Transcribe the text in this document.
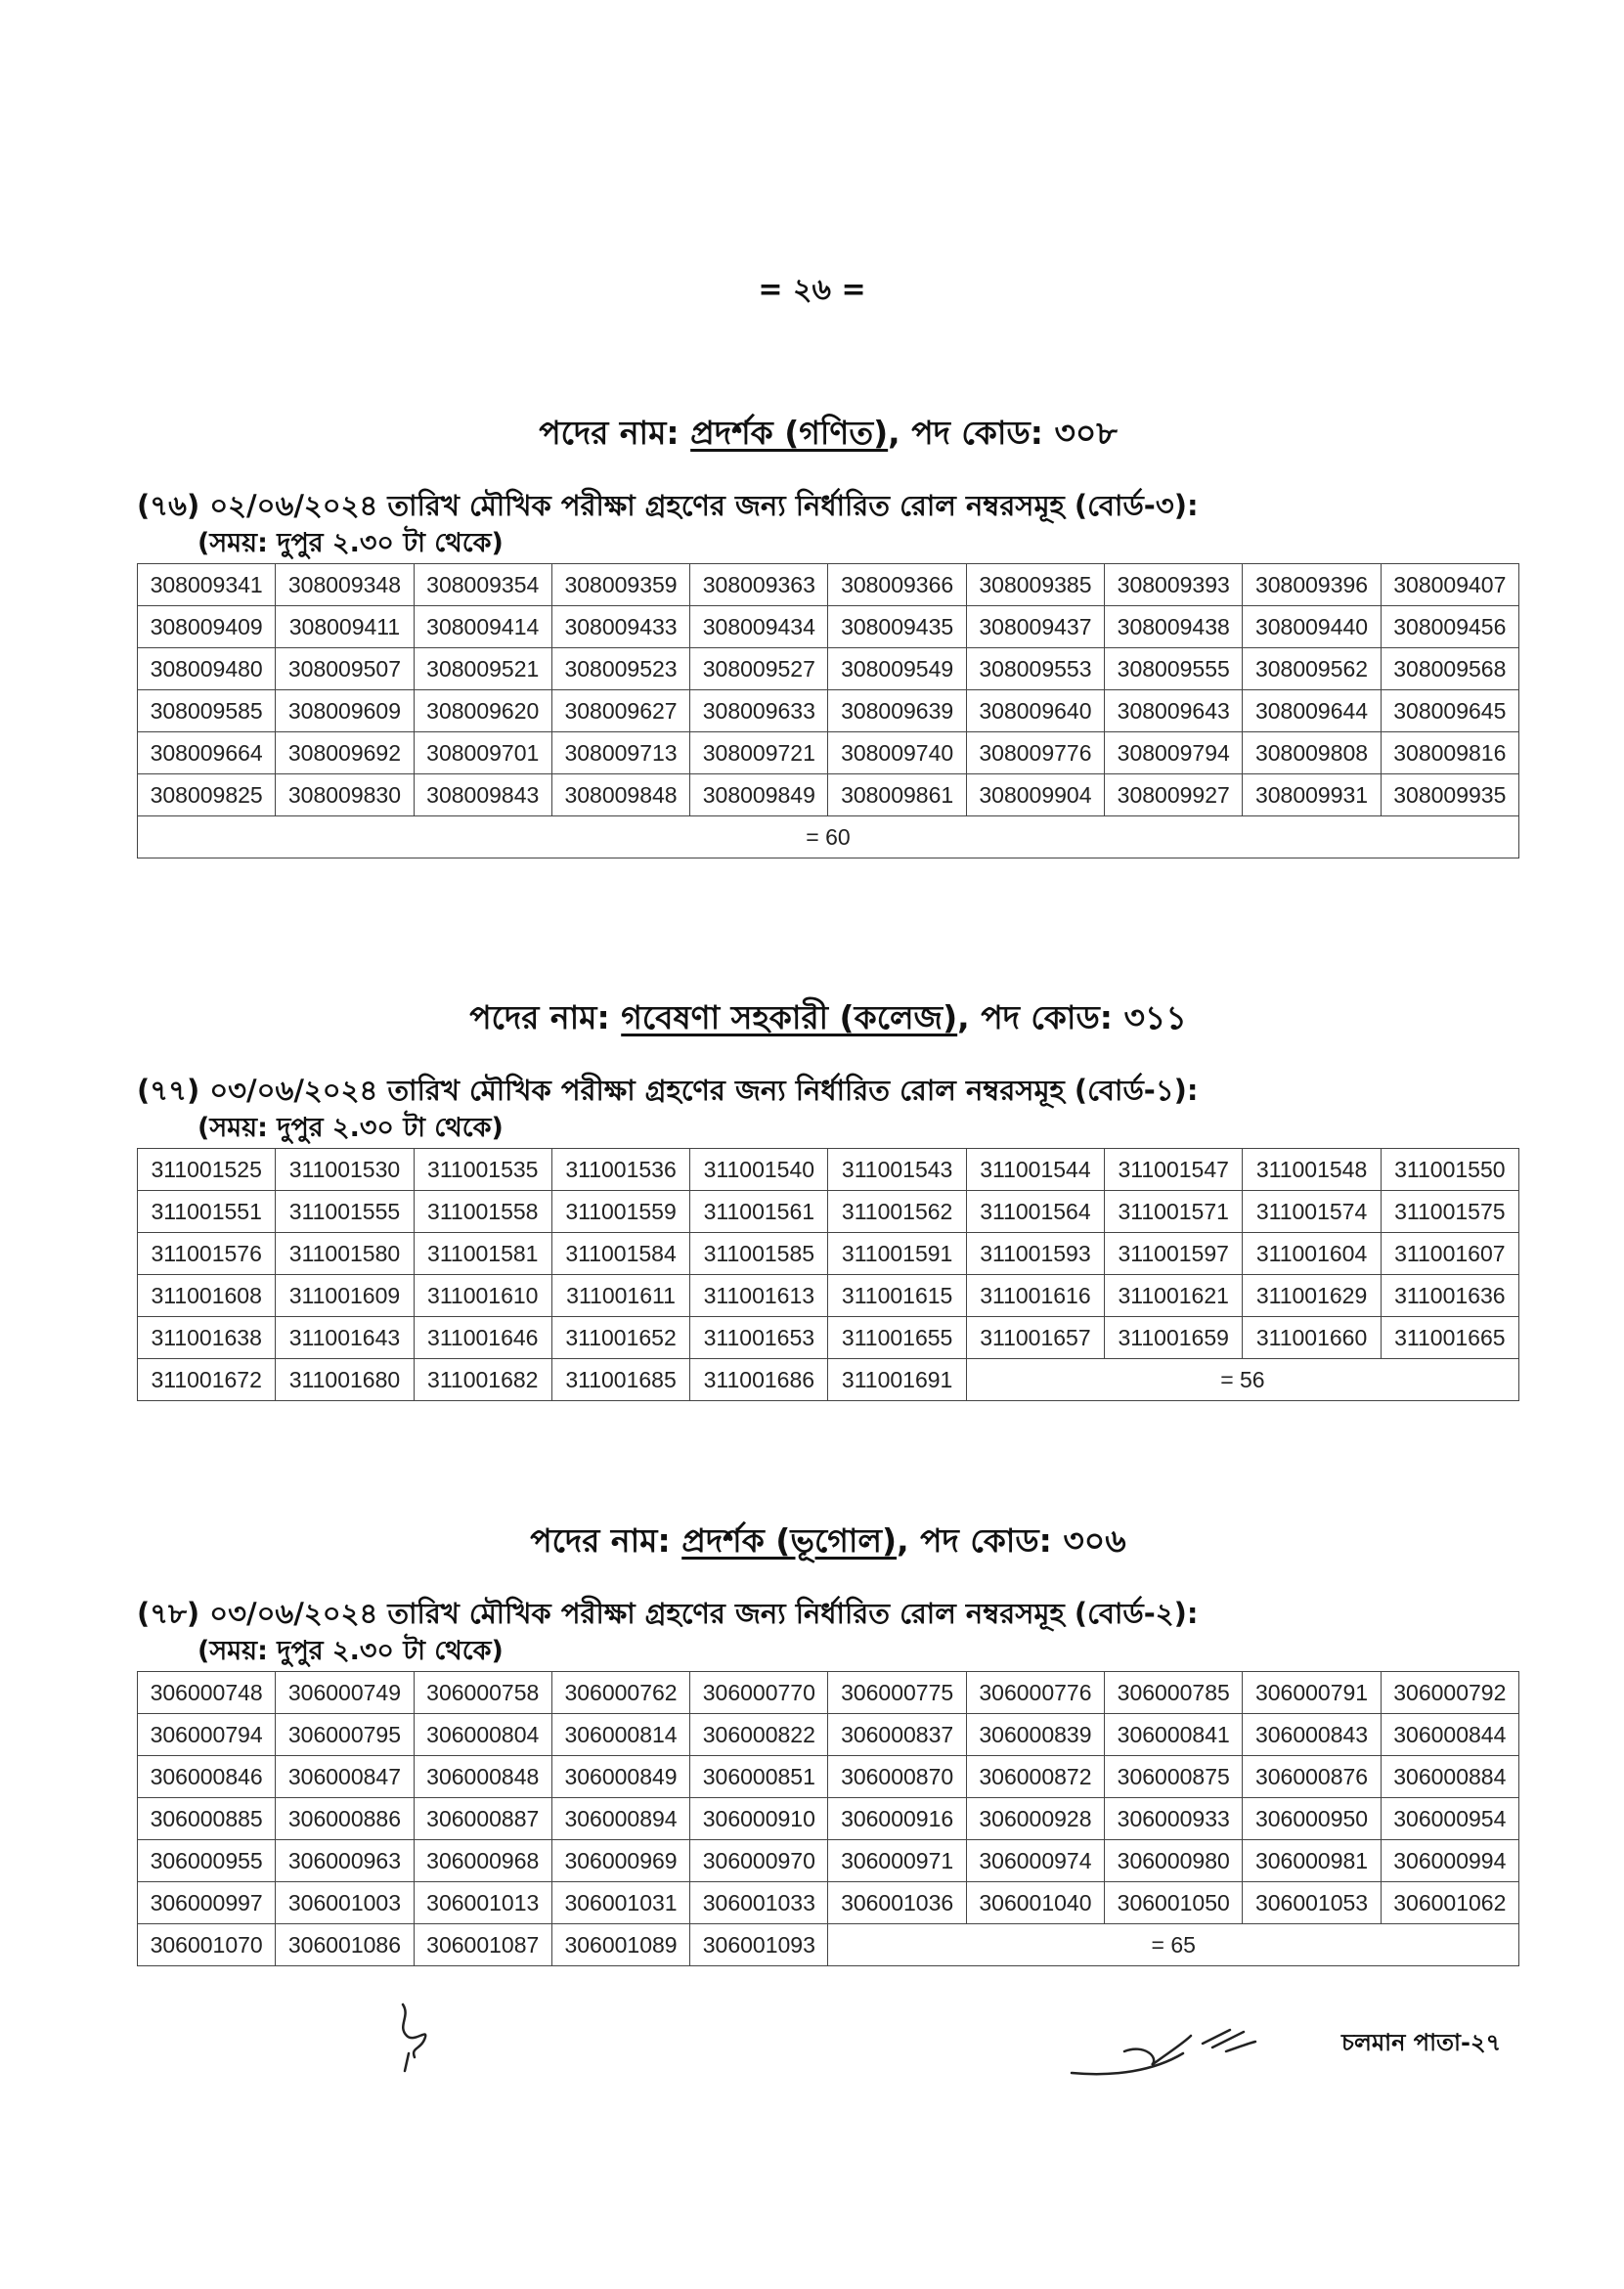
= ২৬ =
পদের নাম: প্রদর্শক (গণিত), পদ কোড: ৩০৮
(৭৬) ০২/০৬/২০২৪ তারিখ মৌখিক পরীক্ষা গ্রহণের জন্য নির্ধারিত রোল নম্বরসমূহ (বোর্ড-৩):
(সময়: দুপুর ২.৩০ টা থেকে)
308009341	308009348	308009354	308009359	308009363	308009366	308009385	308009393	308009396	308009407
308009409	308009411	308009414	308009433	308009434	308009435	308009437	308009438	308009440	308009456
308009480	308009507	308009521	308009523	308009527	308009549	308009553	308009555	308009562	308009568
308009585	308009609	308009620	308009627	308009633	308009639	308009640	308009643	308009644	308009645
308009664	308009692	308009701	308009713	308009721	308009740	308009776	308009794	308009808	308009816
308009825	308009830	308009843	308009848	308009849	308009861	308009904	308009927	308009931	308009935
= 60									
পদের নাম: গবেষণা সহকারী (কলেজ), পদ কোড: ৩১১
(৭৭) ০৩/০৬/২০২৪ তারিখ মৌখিক পরীক্ষা গ্রহণের জন্য নির্ধারিত রোল নম্বরসমূহ (বোর্ড-১):
(সময়: দুপুর ২.৩০ টা থেকে)
311001525	311001530	311001535	311001536	311001540	311001543	311001544	311001547	311001548	311001550
311001551	311001555	311001558	311001559	311001561	311001562	311001564	311001571	311001574	311001575
311001576	311001580	311001581	311001584	311001585	311001591	311001593	311001597	311001604	311001607
311001608	311001609	311001610	311001611	311001613	311001615	311001616	311001621	311001629	311001636
311001638	311001643	311001646	311001652	311001653	311001655	311001657	311001659	311001660	311001665
311001672	311001680	311001682	311001685	311001686	311001691	= 56			
পদের নাম: প্রদর্শক (ভূগোল), পদ কোড: ৩০৬
(৭৮) ০৩/০৬/২০২৪ তারিখ মৌখিক পরীক্ষা গ্রহণের জন্য নির্ধারিত রোল নম্বরসমূহ (বোর্ড-২):
(সময়: দুপুর ২.৩০ টা থেকে)
306000748	306000749	306000758	306000762	306000770	306000775	306000776	306000785	306000791	306000792
306000794	306000795	306000804	306000814	306000822	306000837	306000839	306000841	306000843	306000844
306000846	306000847	306000848	306000849	306000851	306000870	306000872	306000875	306000876	306000884
306000885	306000886	306000887	306000894	306000910	306000916	306000928	306000933	306000950	306000954
306000955	306000963	306000968	306000969	306000970	306000971	306000974	306000980	306000981	306000994
306000997	306001003	306001013	306001031	306001033	306001036	306001040	306001050	306001053	306001062
306001070	306001086	306001087	306001089	306001093	= 65				
চলমান পাতা-২৭
